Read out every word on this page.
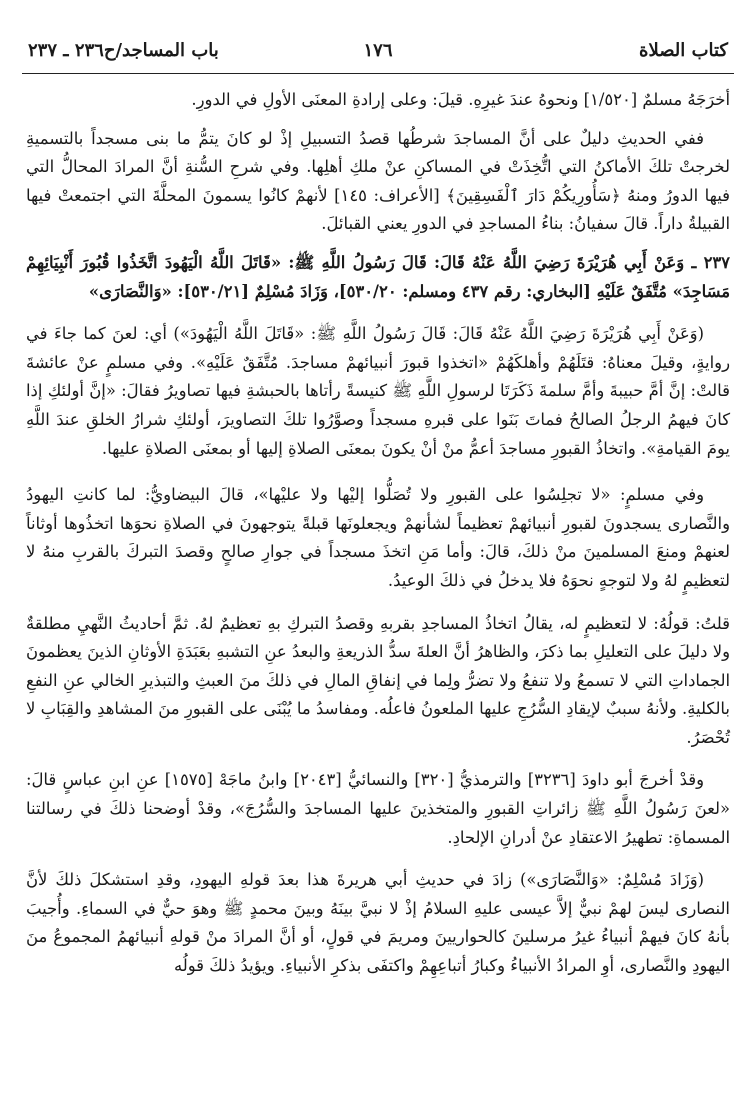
كتاب الصلاة
١٧٦
باب المساجد/ح٢٣٦ ـ ٢٣٧

أخرَجَهُ مسلمٌ [١/٥٢٠] ونحوهُ عندَ غيرِهِ. قيلَ: وعلى إرادةِ المعنَى الأولِ في الدورِ.

ففي الحديثِ دليلٌ على أنَّ المساجدَ شرطُها قصدُ التسبيلِ إذْ لو كانَ يتمُّ ما بنى مسجداً بالتسميةِ لخرجتْ تلكَ الأماكنُ التي اتُّخِذَتْ في المساكنِ عنْ ملكِ أهلِها. وفي شرحِ السُّنةِ أنَّ المرادَ المحالُّ التي فيها الدورُ ومنهُ ﴿سَأُورِيكُمْ دَارَ ٱلْفَسِقِينَ﴾ [الأعراف: ١٤٥] لأنهمْ كانُوا يسمونَ المحلَّةَ التي اجتمعتْ فيها القبيلةُ داراً. قالَ سفيانُ: بناءُ المساجدِ في الدورِ يعني القبائلَ.

٢٣٧ ـ وَعَنْ أَبِي هُرَيْرَةَ رَضِيَ اللَّهُ عَنْهُ قَالَ: قَالَ رَسُولُ اللَّهِ ﷺ: «قَاتَلَ اللَّهُ الْيَهُودَ اتَّخَذُوا قُبُورَ أَنْبِيَائِهِمْ مَسَاجِدَ» مُتَّفَقٌ عَلَيْهِ [البخاري: رقم ٤٣٧ ومسلم: ٥٣٠/٢٠]، وَزَادَ مُسْلِمٌ [٥٣٠/٢١]: «وَالنَّصَارَى»

(وَعَنْ أَبِي هُرَيْرَةَ رَضِيَ اللَّهُ عَنْهُ قَالَ: قَالَ رَسُولُ اللَّهِ ﷺ: «قَاتَلَ اللَّهُ الْيَهُودَ») أي: لعنَ كما جاءَ في روايةٍ، وقيلَ معناهُ: قتَلَهُمْ وأهلكَهُمْ «اتخذوا قبورَ أنبيائهمْ مساجدَ. مُتَّفَقٌ عَلَيْهِ». وفي مسلمٍ عنْ عائشةَ قالتْ: إنَّ أمَّ حبيبةَ وأمَّ سلمةَ ذَكَرَتَا لرسولِ اللَّهِ ﷺ كنيسةً رأتاها بالحبشةِ فيها تصاويرُ فقالَ: «إنَّ أولئكِ إذا كانَ فيهمُ الرجلُ الصالحُ فماتَ بَنَوا على قبرهِ مسجداً وصوَّرُوا تلكَ التصاويرَ، أولئكِ شرارُ الخلقِ عندَ اللَّهِ يومَ القيامةِ». واتخاذُ القبورِ مساجدَ أعمُّ منْ أنْ يكونَ بمعنَى الصلاةِ إليها أو بمعنَى الصلاةِ عليها.

وفي مسلمٍ: «لا تجلِسُوا على القبورِ ولا تُصَلُّوا إليْها ولا عليْها»، قالَ البيضاويُّ: لما كانتِ اليهودُ والنَّصارى يسجدونَ لقبورِ أنبيائهمْ تعظيماً لشأنهمْ ويجعلونَها قبلةً يتوجهونَ في الصلاةِ نحوَها اتخذُوها أوثاناً لعنهمْ ومنعَ المسلمينَ منْ ذلكَ، قالَ: وأما مَنِ اتخذَ مسجداً في جوارِ صالحٍ وقصدَ التبركَ بالقربِ منهُ لا لتعظيمٍ لهُ ولا لتوجهٍ نحوَهُ فلا يدخلُ في ذلكَ الوعيدُ.

قلتُ: قولُهُ: لا لتعظيمٍ له، يقالُ اتخاذُ المساجدِ بقربهِ وقصدُ التبركِ بهِ تعظيمٌ لهُ. ثمَّ أحاديثُ النَّهيِ مطلقةٌ ولا دليلَ على التعليلِ بما ذكرَ، والظاهرُ أنَّ العلةَ سدُّ الذريعةِ والبعدُ عنِ التشبهِ بعَبَدَةِ الأوثانِ الذينَ يعظمونَ الجماداتِ التي لا تسمعُ ولا تنفعُ ولا تضرُّ ولِما في إنفاقِ المالِ في ذلكَ منَ العبثِ والتبذيرِ الخالي عنِ النفعِ بالكليةِ. ولأنهُ سببٌ لإيقادِ السُّرُجِ عليها الملعونُ فاعلُه. ومفاسدُ ما يُبْنَى على القبورِ منَ المشاهدِ والقِبَابِ لا تُحْصَرُ.

وقدْ أخرجَ أبو داودَ [٣٢٣٦] والترمذيُّ [٣٢٠] والنسائيُّ [٢٠٤٣] وابنُ ماجَهْ [١٥٧٥] عنِ ابنِ عباسٍ قالَ: «لعنَ رَسُولُ اللَّهِ ﷺ زائراتِ القبورِ والمتخذينَ عليها المساجدَ والسُّرُجَ»، وقدْ أوضحنا ذلكَ في رسالتنا المسماةِ: تطهيرُ الاعتقادِ عنْ أدرانِ الإلحادِ.

(وَزَادَ مُسْلِمٌ: «وَالنَّصَارَى») زادَ في حديثِ أبي هريرةَ هذا بعدَ قولهِ اليهودِ، وقدِ استشكلَ ذلكَ لأنَّ النصارى ليسَ لهمْ نبيٌّ إلاَّ عيسى عليهِ السلامُ إذْ لا نبيَّ بينَهُ وبينَ محمدٍ ﷺ وهوَ حيٌّ في السماءِ. وأُجيبَ بأنهُ كانَ فيهمْ أنبياءُ غيرُ مرسلينَ كالحواريينَ ومريمَ في قولٍ، أو أنَّ المرادَ منْ قولهِ أنبيائهمُ المجموعُ منَ اليهودِ والنَّصارى، أوِ المرادُ الأنبياءُ وكبارُ أتباعِهِمْ واكتفَى بذكرِ الأنبياءِ. ويؤيدُ ذلكَ قولُه
